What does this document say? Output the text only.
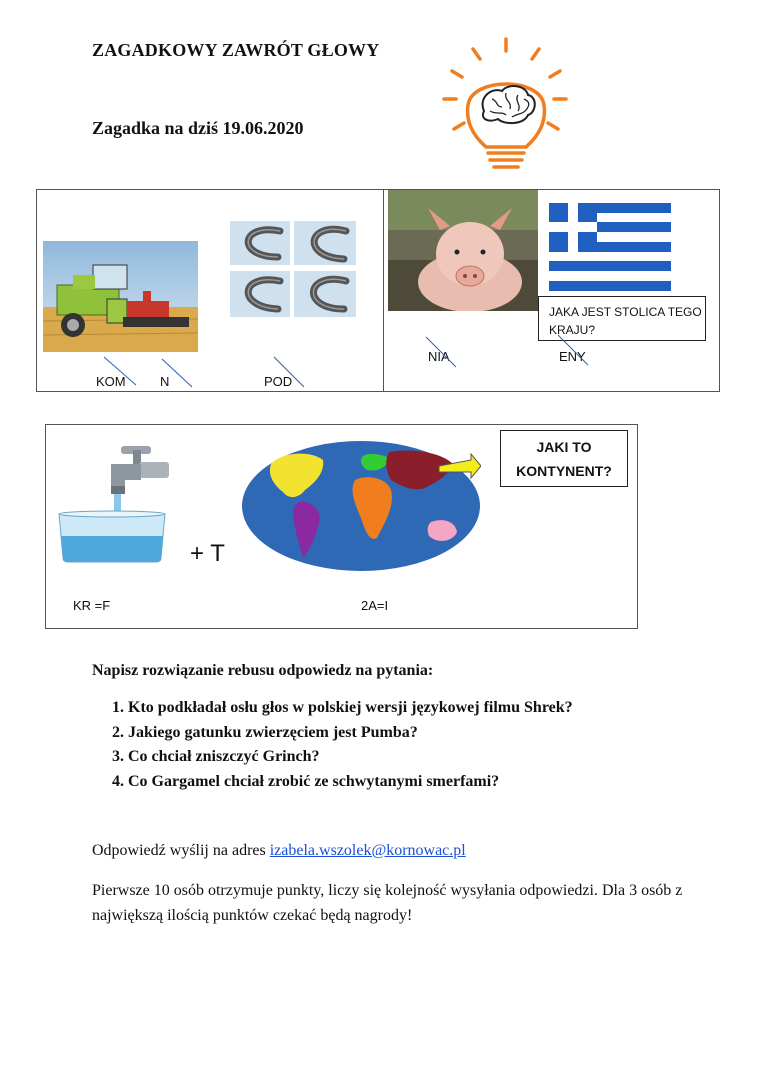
ZAGADKOWY ZAWRÓT GŁOWY
Zagadka na dziś 19.06.2020
JAKA JEST STOLICA TEGO
KRAJU?
KOM	N	POD
NIA	ENY
+ T
JAKI TO
KONTYNENT?
KR =F	2A=I
Napisz rozwiązanie rebusu odpowiedz na pytania:
1. Kto podkładał osłu głos w polskiej wersji językowej filmu Shrek?
2. Jakiego gatunku zwierzęciem jest Pumba?
3. Co chciał zniszczyć Grinch?
4. Co Gargamel chciał zrobić ze schwytanymi smerfami?
Odpowiedź wyślij na adres izabela.wszolek@kornowac.pl
Pierwsze 10 osób otrzymuje punkty, liczy się kolejność wysyłania odpowiedzi. Dla 3 osób z największą ilością punktów czekać będą nagrody!
